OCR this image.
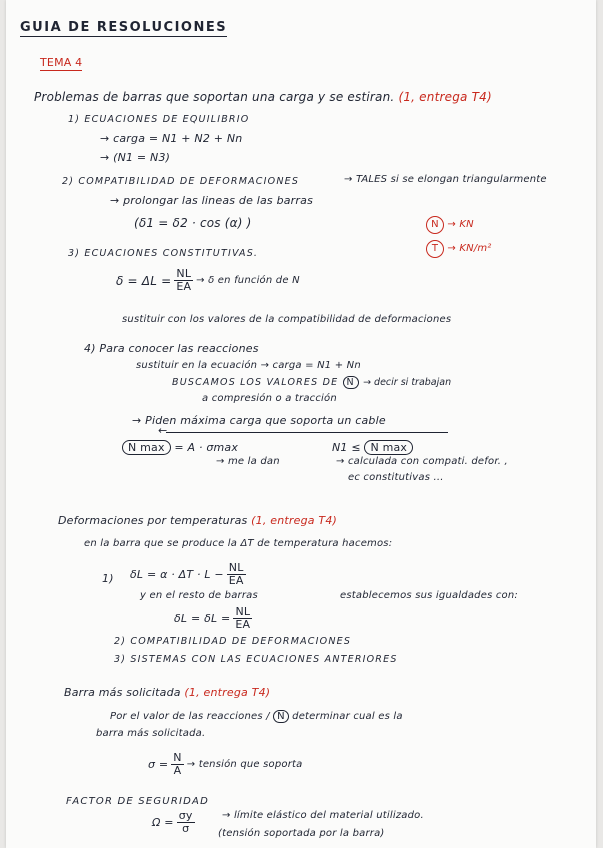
GUIA DE RESOLUCIONES
TEMA 4
Problemas de barras que soportan una carga y se estiran. (1, entrega T4)
1) ECUACIONES DE EQUILIBRIO
→ carga = N1 + N2 + Nn
→ (N1 = N3)
2) COMPATIBILIDAD DE DEFORMACIONES	→ TALES si se elongan triangularmente
→ prolongar las lineas de las barras
(δ1 = δ2 · cos (α) )	N → KN
T → KN/m²
3) ECUACIONES CONSTITUTIVAS.
$\delta = \Delta L = \frac{NL}{EA} \to \delta$ en función de N
sustituir con los valores de la compatibilidad de deformaciones
4) Para conocer las reacciones
sustituir en la ecuación → carga = N1 + Nn
BUSCAMOS LOS VALORES DE N → decir si trabajan
a compresión o a tracción
→ Piden máxima carga que soporta un cable
←
N max = A · σmax
→ me la dan
N1 ≤ N max
→ calculada con compati. defor. ,
ec constitutivas ...
Deformaciones por temperaturas (1, entrega T4)
en la barra que se produce la ΔT de temperatura hacemos:
1) $\delta L = \alpha \cdot \Delta T \cdot L - \frac{NL}{EA}$
y en el resto de barras	establecemos sus igualdades con:
$\delta L = \delta L = \frac{NL}{EA}$
2) COMPATIBILIDAD DE DEFORMACIONES
3) SISTEMAS CON LAS ECUACIONES ANTERIORES
Barra más solicitada (1, entrega T4)
Por el valor de las reacciones / N determinar cual es la
barra más solicitada.
$\sigma = \frac{N}{A}$ → tensión que soporta
FACTOR DE SEGURIDAD
$\Omega = \frac{\sigma y}{\sigma}$	→ límite elástico del material utilizado.
(tensión soportada por la barra)
